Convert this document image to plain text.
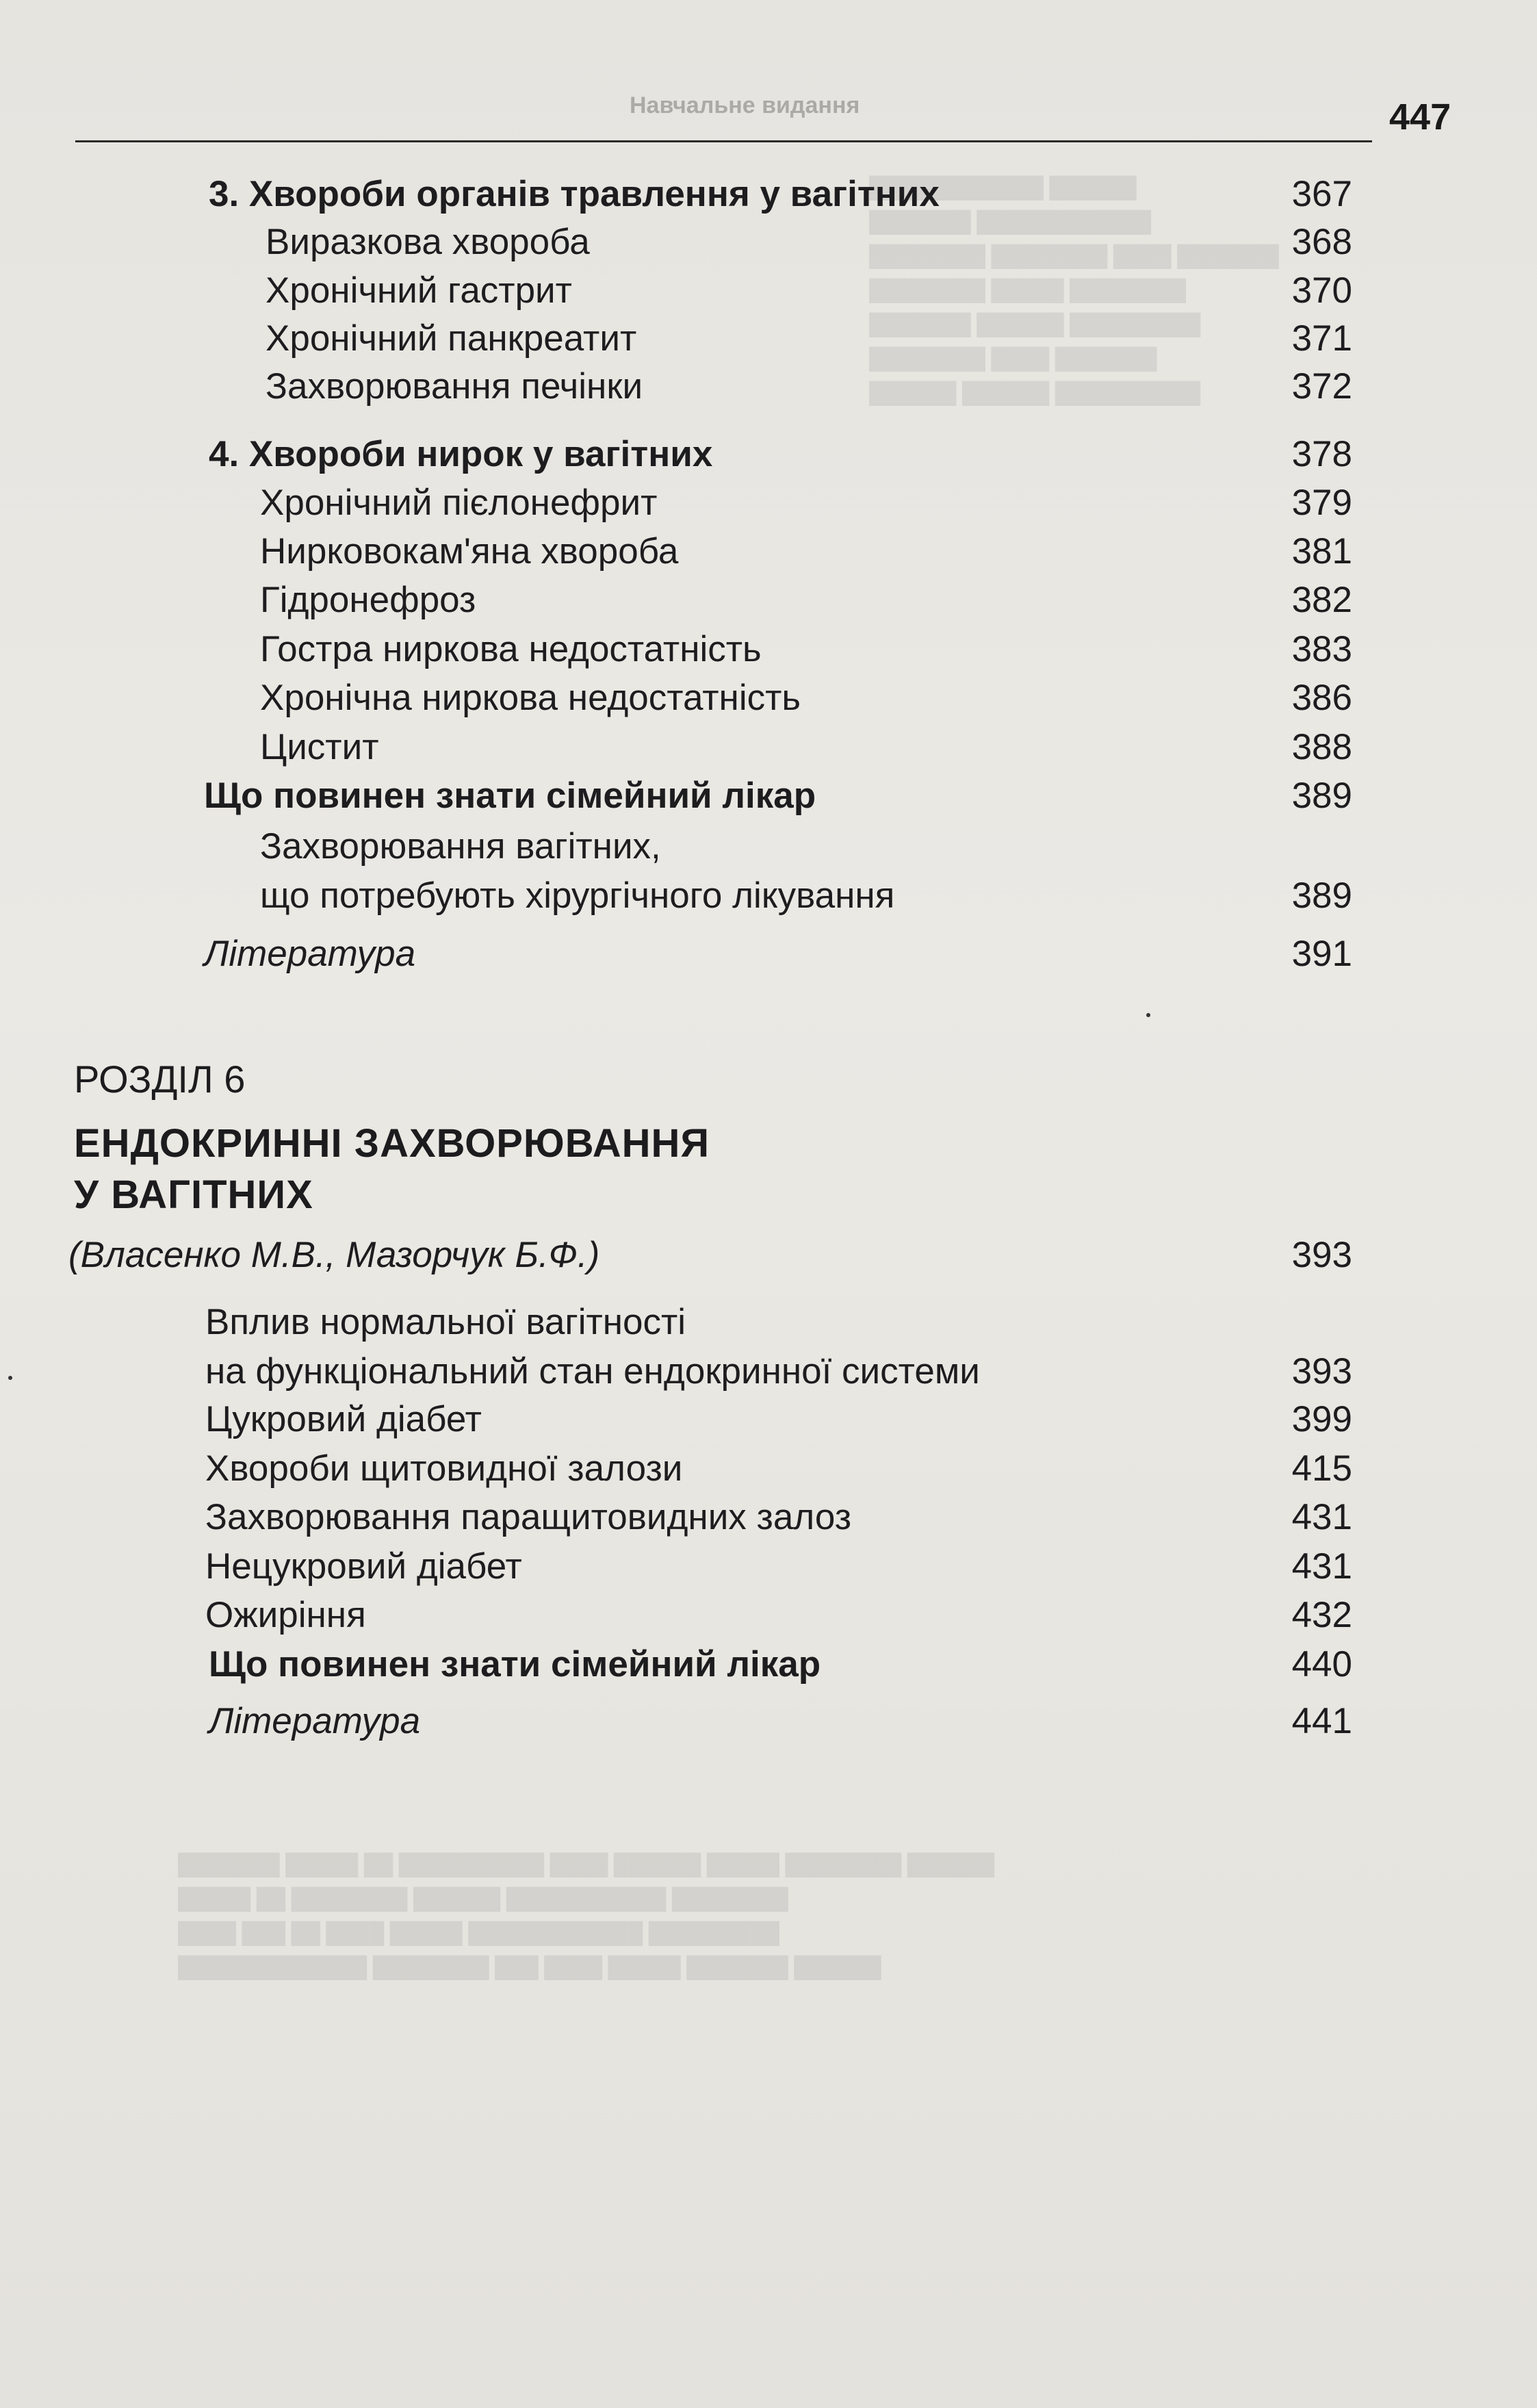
████████████ ██████
███████ ████████████
████████ ████████ ████ ███████
████████ █████ ████████
███████ ██████ █████████
████████ ████ ███████
██████ ██████ ██████████
███████ █████ ██ ██████████ ████ ██████ █████ ████████ ██████
█████ ██ ████████ ██████ ███████████ ████████
████ ███ ██ ████ █████ ████████████ █████████
█████████████ ████████ ███ ████ █████ ███████ ██████
Навчальне видання	447
3. Хвороби органів травлення у вагітних	367
Виразкова хвороба	368
Хронічний гастрит	370
Хронічний панкреатит	371
Захворювання печінки	372
4. Хвороби нирок у вагітних	378
Хронічний пієлонефрит	379
Нирковокам'яна хвороба	381
Гідронефроз	382
Гостра ниркова недостатність	383
Хронічна ниркова недостатність	386
Цистит	388
Що повинен знати сімейний лікар	389
Захворювання вагітних,
що потребують хірургічного лікування	389
Література	391
РОЗДІЛ 6
ЕНДОКРИННІ ЗАХВОРЮВАННЯ
У ВАГІТНИХ
(Власенко М.В., Мазорчук Б.Ф.)	393
Вплив нормальної вагітності
на функціональний стан ендокринної системи	393
Цукровий діабет	399
Хвороби щитовидної залози	415
Захворювання паращитовидних залоз	431
Нецукровий діабет	431
Ожиріння	432
Що повинен знати сімейний лікар	440
Література	441
